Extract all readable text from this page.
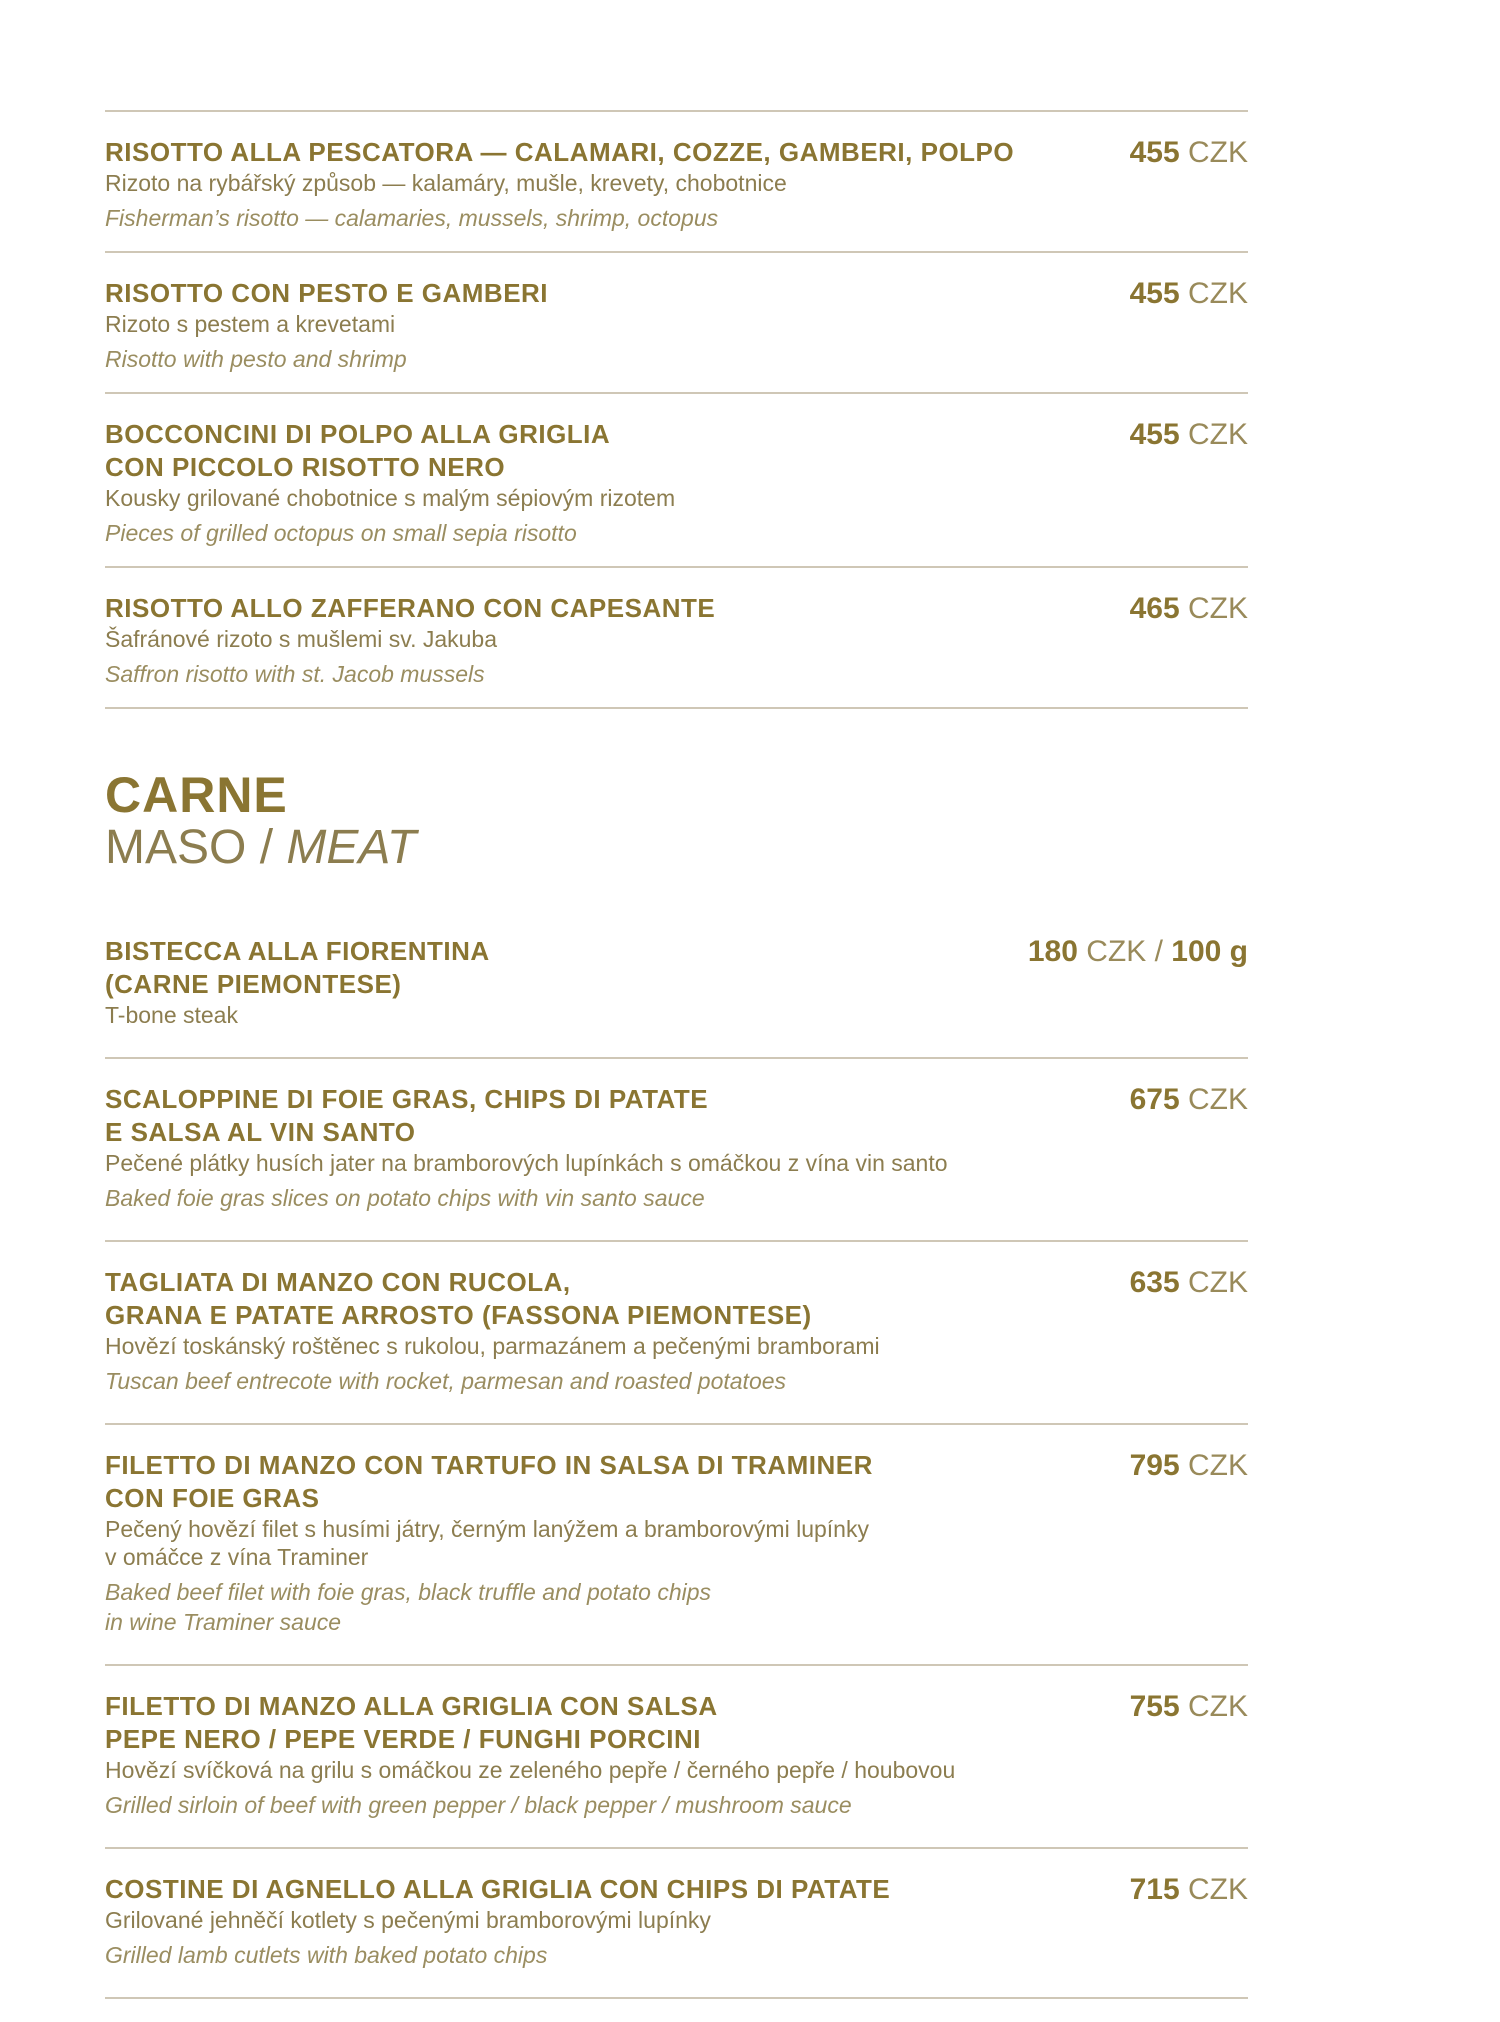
RISOTTO ALLA PESCATORA — CALAMARI, COZZE, GAMBERI, POLPO
Rizoto na rybářský způsob — kalamáry, mušle, krevety, chobotnice
Fisherman’s risotto — calamaries, mussels, shrimp, octopus
455 CZK
RISOTTO CON PESTO E GAMBERI
Rizoto s pestem a krevetami
Risotto with pesto and shrimp
455 CZK
BOCCONCINI DI POLPO ALLA GRIGLIA
CON PICCOLO RISOTTO NERO
Kousky grilované chobotnice s malým sépiovým rizotem
Pieces of grilled octopus on small sepia risotto
455 CZK
RISOTTO ALLO ZAFFERANO CON CAPESANTE
Šafránové rizoto s mušlemi sv. Jakuba
Saffron risotto with st. Jacob mussels
465 CZK
CARNE
MASO / MEAT
BISTECCA ALLA FIORENTINA
(CARNE PIEMONTESE)
T-bone steak
180 CZK / 100 g
SCALOPPINE DI FOIE GRAS, CHIPS DI PATATE
E SALSA AL VIN SANTO
Pečené plátky husích jater na bramborových lupínkách s omáčkou z vína vin santo
Baked foie gras slices on potato chips with vin santo sauce
675 CZK
TAGLIATA DI MANZO CON RUCOLA,
GRANA E PATATE ARROSTO (FASSONA PIEMONTESE)
Hovězí toskánský roštěnec s rukolou, parmazánem a pečenými bramborami
Tuscan beef entrecote with rocket, parmesan and roasted potatoes
635 CZK
FILETTO DI MANZO CON TARTUFO IN SALSA DI TRAMINER
CON FOIE GRAS
Pečený hovězí filet s husími játry, černým lanýžem a bramborovými lupínky
v omáčce z vína Traminer
Baked beef filet with foie gras, black truffle and potato chips
in wine Traminer sauce
795 CZK
FILETTO DI MANZO ALLA GRIGLIA CON SALSA
PEPE NERO / PEPE VERDE / FUNGHI PORCINI
Hovězí svíčková na grilu s omáčkou ze zeleného pepře / černého pepře / houbovou
Grilled sirloin of beef with green pepper / black pepper / mushroom sauce
755 CZK
COSTINE DI AGNELLO ALLA GRIGLIA CON CHIPS DI PATATE
Grilované jehněčí kotlety s pečenými bramborovými lupínky
Grilled lamb cutlets with baked potato chips
715 CZK
